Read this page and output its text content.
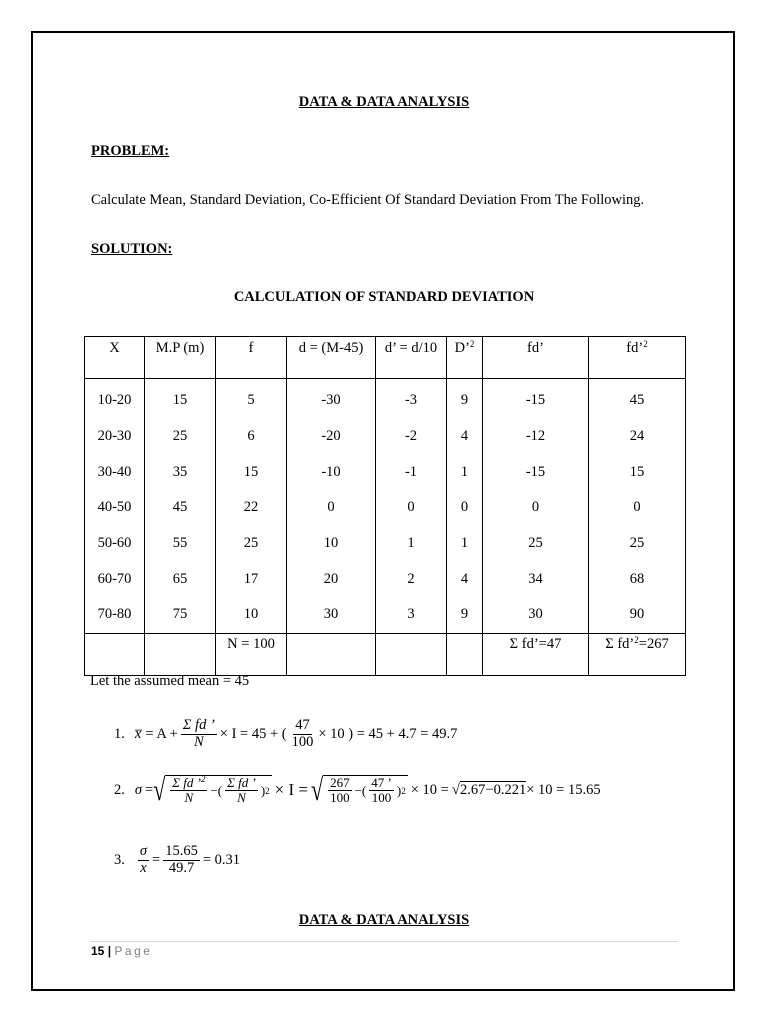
DATA & DATA ANALYSIS
PROBLEM:
Calculate Mean, Standard Deviation, Co-Efficient Of Standard Deviation From The Following.
SOLUTION:
CALCULATION OF STANDARD DEVIATION
X	M.P (m)	f	d = (M-45)	d’ = d/10	D’$^2$	fd’	fd’$^2$
10-20	15	5	-30	-3	9	-15	45
20-30	25	6	-20	-2	4	-12	24
30-40	35	15	-10	-1	1	-15	15
40-50	45	22	0	0	0	0	0
50-60	55	25	10	1	1	25	25
60-70	65	17	20	2	4	34	68
70-80	75	10	30	3	9	30	90
		N = 100				Σ fd’=47	Σ fd’$^2$=267
Let the assumed mean = 45
1. x̅ = $A + \frac{\text{Σ fd ’}}{N} \times I = 45$ + ( $\frac{47}{100} \times 10$ ) = 45 + 4.7 = 49.7
2. σ = √ $\frac{\Sigma fd ’^2}{N}$ −( $\frac{\text{Σ fd ’}}{N}$ ) 2 × I = √ $\frac{267}{100}$ −( $\frac{47 ’}{100}$ ) 2 × 10 = √ 2.67−0.221 × 10 = 15.65
3. $\frac{\sigma}{x} = \frac{15.65}{49.7} = 0.31$
DATA & DATA ANALYSIS
15 | Page
